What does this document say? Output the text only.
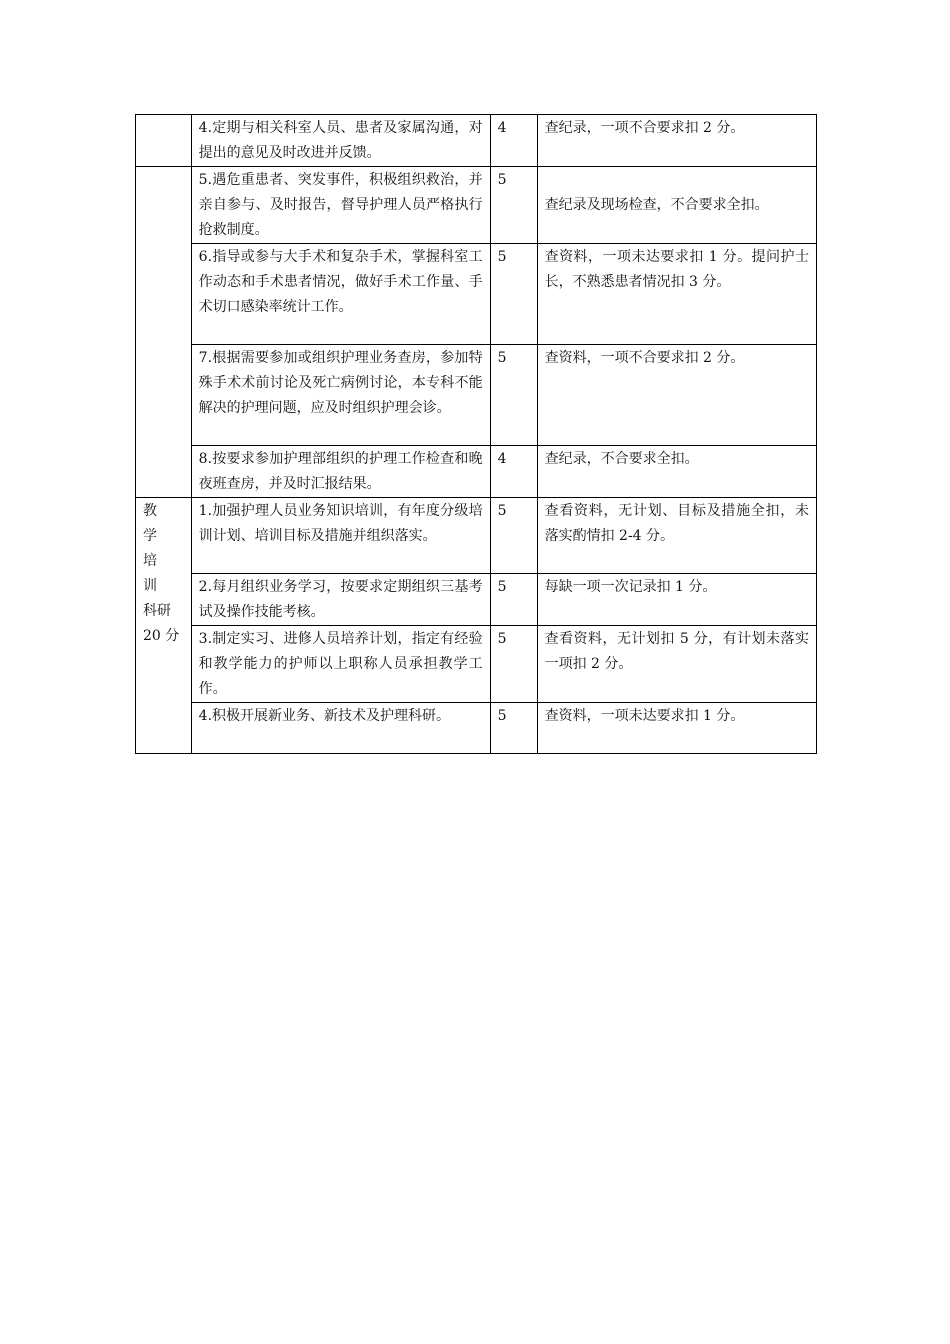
	4.定期与相关科室人员、患者及家属沟通，对提出的意见及时改进并反馈。	4	查纪录，一项不合要求扣 2 分。
	5.遇危重患者、突发事件，积极组织救治，并亲自参与、及时报告，督导护理人员严格执行抢救制度。	5	查纪录及现场检查，不合要求全扣。
	6.指导或参与大手术和复杂手术，掌握科室工作动态和手术患者情况，做好手术工作量、手术切口感染率统计工作。	5	查资料，一项未达要求扣 1 分。提问护士长，不熟悉患者情况扣 3 分。
	7.根据需要参加或组织护理业务查房，参加特殊手术术前讨论及死亡病例讨论，本专科不能解决的护理问题，应及时组织护理会诊。	5	查资料，一项不合要求扣 2 分。
	8.按要求参加护理部组织的护理工作检查和晚夜班查房，并及时汇报结果。	4	查纪录，不合要求全扣。

教　学
培　训
科研
20 分	1.加强护理人员业务知识培训，有年度分级培训计划、培训目标及措施并组织落实。	5	查看资料，无计划、目标及措施全扣，未落实酌情扣 2-4 分。
	2.每月组织业务学习，按要求定期组织三基考试及操作技能考核。	5	每缺一项一次记录扣 1 分。
	3.制定实习、进修人员培养计划，指定有经验和教学能力的护师以上职称人员承担教学工作。	5	查看资料，无计划扣 5 分，有计划未落实一项扣 2 分。
	4.积极开展新业务、新技术及护理科研。	5	查资料，一项未达要求扣 1 分。
